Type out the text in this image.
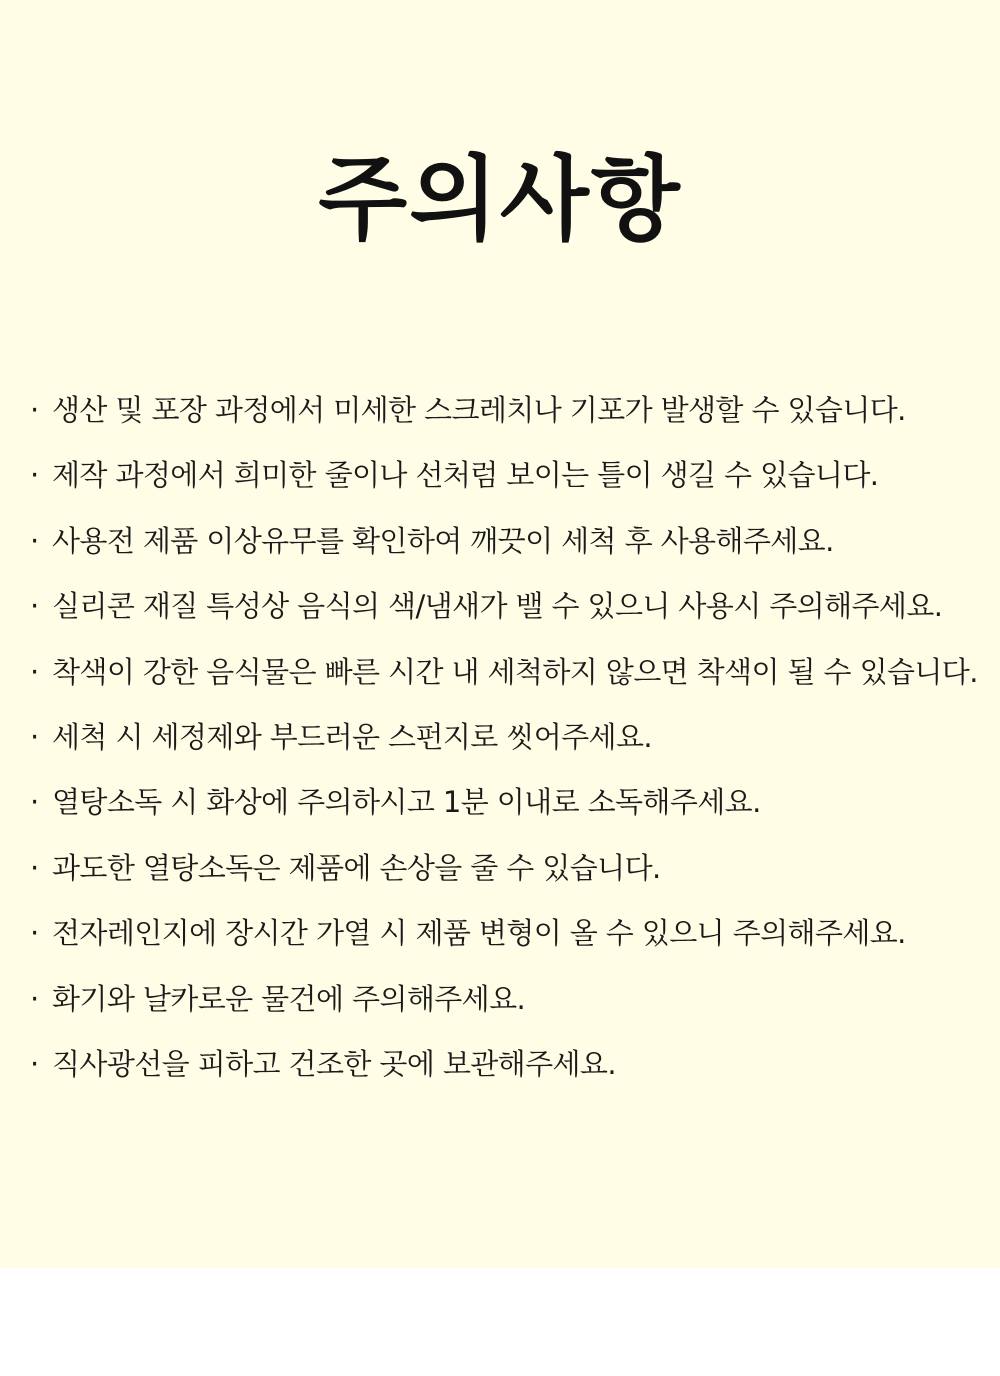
주의사항
· 생산 및 포장 과정에서 미세한 스크레치나 기포가 발생할 수 있습니다.
· 제작 과정에서 희미한 줄이나 선처럼 보이는 틀이 생길 수 있습니다.
· 사용전 제품 이상유무를 확인하여 깨끗이 세척 후 사용해주세요.
· 실리콘 재질 특성상 음식의 색/냄새가 밸 수 있으니 사용시 주의해주세요.
· 착색이 강한 음식물은 빠른 시간 내 세척하지 않으면 착색이 될 수 있습니다.
· 세척 시 세정제와 부드러운 스펀지로 씻어주세요.
· 열탕소독 시 화상에 주의하시고 1분 이내로 소독해주세요.
· 과도한 열탕소독은 제품에 손상을 줄 수 있습니다.
· 전자레인지에 장시간 가열 시 제품 변형이 올 수 있으니 주의해주세요.
· 화기와 날카로운 물건에 주의해주세요.
· 직사광선을 피하고 건조한 곳에 보관해주세요.
